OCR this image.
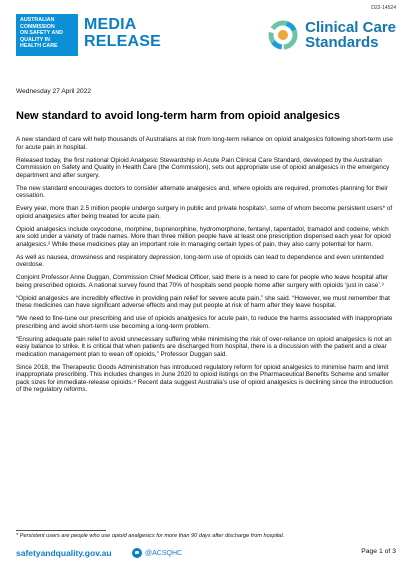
D22-14524
AUSTRALIAN
COMMISSION
ON SAFETY AND
QUALITY IN
HEALTH CARE
MEDIA
RELEASE
Clinical Care
Standards
Wednesday 27 April 2022
New standard to avoid long-term harm from opioid analgesics

A new standard of care will help thousands of Australians at risk from long-term reliance on opioid analgesics following short-term use for acute pain in hospital.

Released today, the first national Opioid Analgesic Stewardship in Acute Pain Clinical Care Standard, developed by the Australian Commission on Safety and Quality in Health Care (the Commission), sets out appropriate use of opioid analgesics in the emergency department and after surgery.

The new standard encourages doctors to consider alternate analgesics and, where opioids are required, promotes planning for their cessation.

Every year, more than 2.5 million people undergo surgery in public and private hospitals¹, some of whom become persistent users* of opioid analgesics after being treated for acute pain.

Opioid analgesics include oxycodone, morphine, buprenorphine, hydromorphone, fentanyl, tapentadol, tramadol and codeine, which are sold under a variety of trade names. More than three million people have at least one prescription dispensed each year for opioid analgesics.² While these medicines play an important role in managing certain types of pain, they also carry potential for harm.

As well as nausea, drowsiness and respiratory depression, long-term use of opioids can lead to dependence and even unintended overdose.

Conjoint Professor Anne Duggan, Commission Chief Medical Officer, said there is a need to care for people who leave hospital after being prescribed opioids. A national survey found that 70% of hospitals send people home after surgery with opioids ‘just in case’.³

“Opioid analgesics are incredibly effective in providing pain relief for severe acute pain,” she said. “However, we must remember that these medicines can have significant adverse effects and may put people at risk of harm after they leave hospital.

“We need to fine-tune our prescribing and use of opioids analgesics for acute pain, to reduce the harms associated with inappropriate prescribing and avoid short-term use becoming a long-term problem.

“Ensuring adequate pain relief to avoid unnecessary suffering while minimising the risk of over-reliance on opioid analgesics is not an easy balance to strike. It is critical that when patients are discharged from hospital, there is a discussion with the patient and a clear medication management plan to wean off opioids,” Professor Duggan said.

Since 2018, the Therapeutic Goods Administration has introduced regulatory reform for opioid analgesics to minimise harm and limit inappropriate prescribing. This includes changes in June 2020 to opioid listings on the Pharmaceutical Benefits Scheme and smaller pack sizes for immediate-release opioids.⁴ Recent data suggest Australia’s use of opioid analgesics is declining since the introduction of the regulatory reforms.

* Persistent users are people who use opioid analgesics for more than 90 days after discharge from hospital.
safetyandquality.gov.au	@ACSQHC	Page 1 of 3
